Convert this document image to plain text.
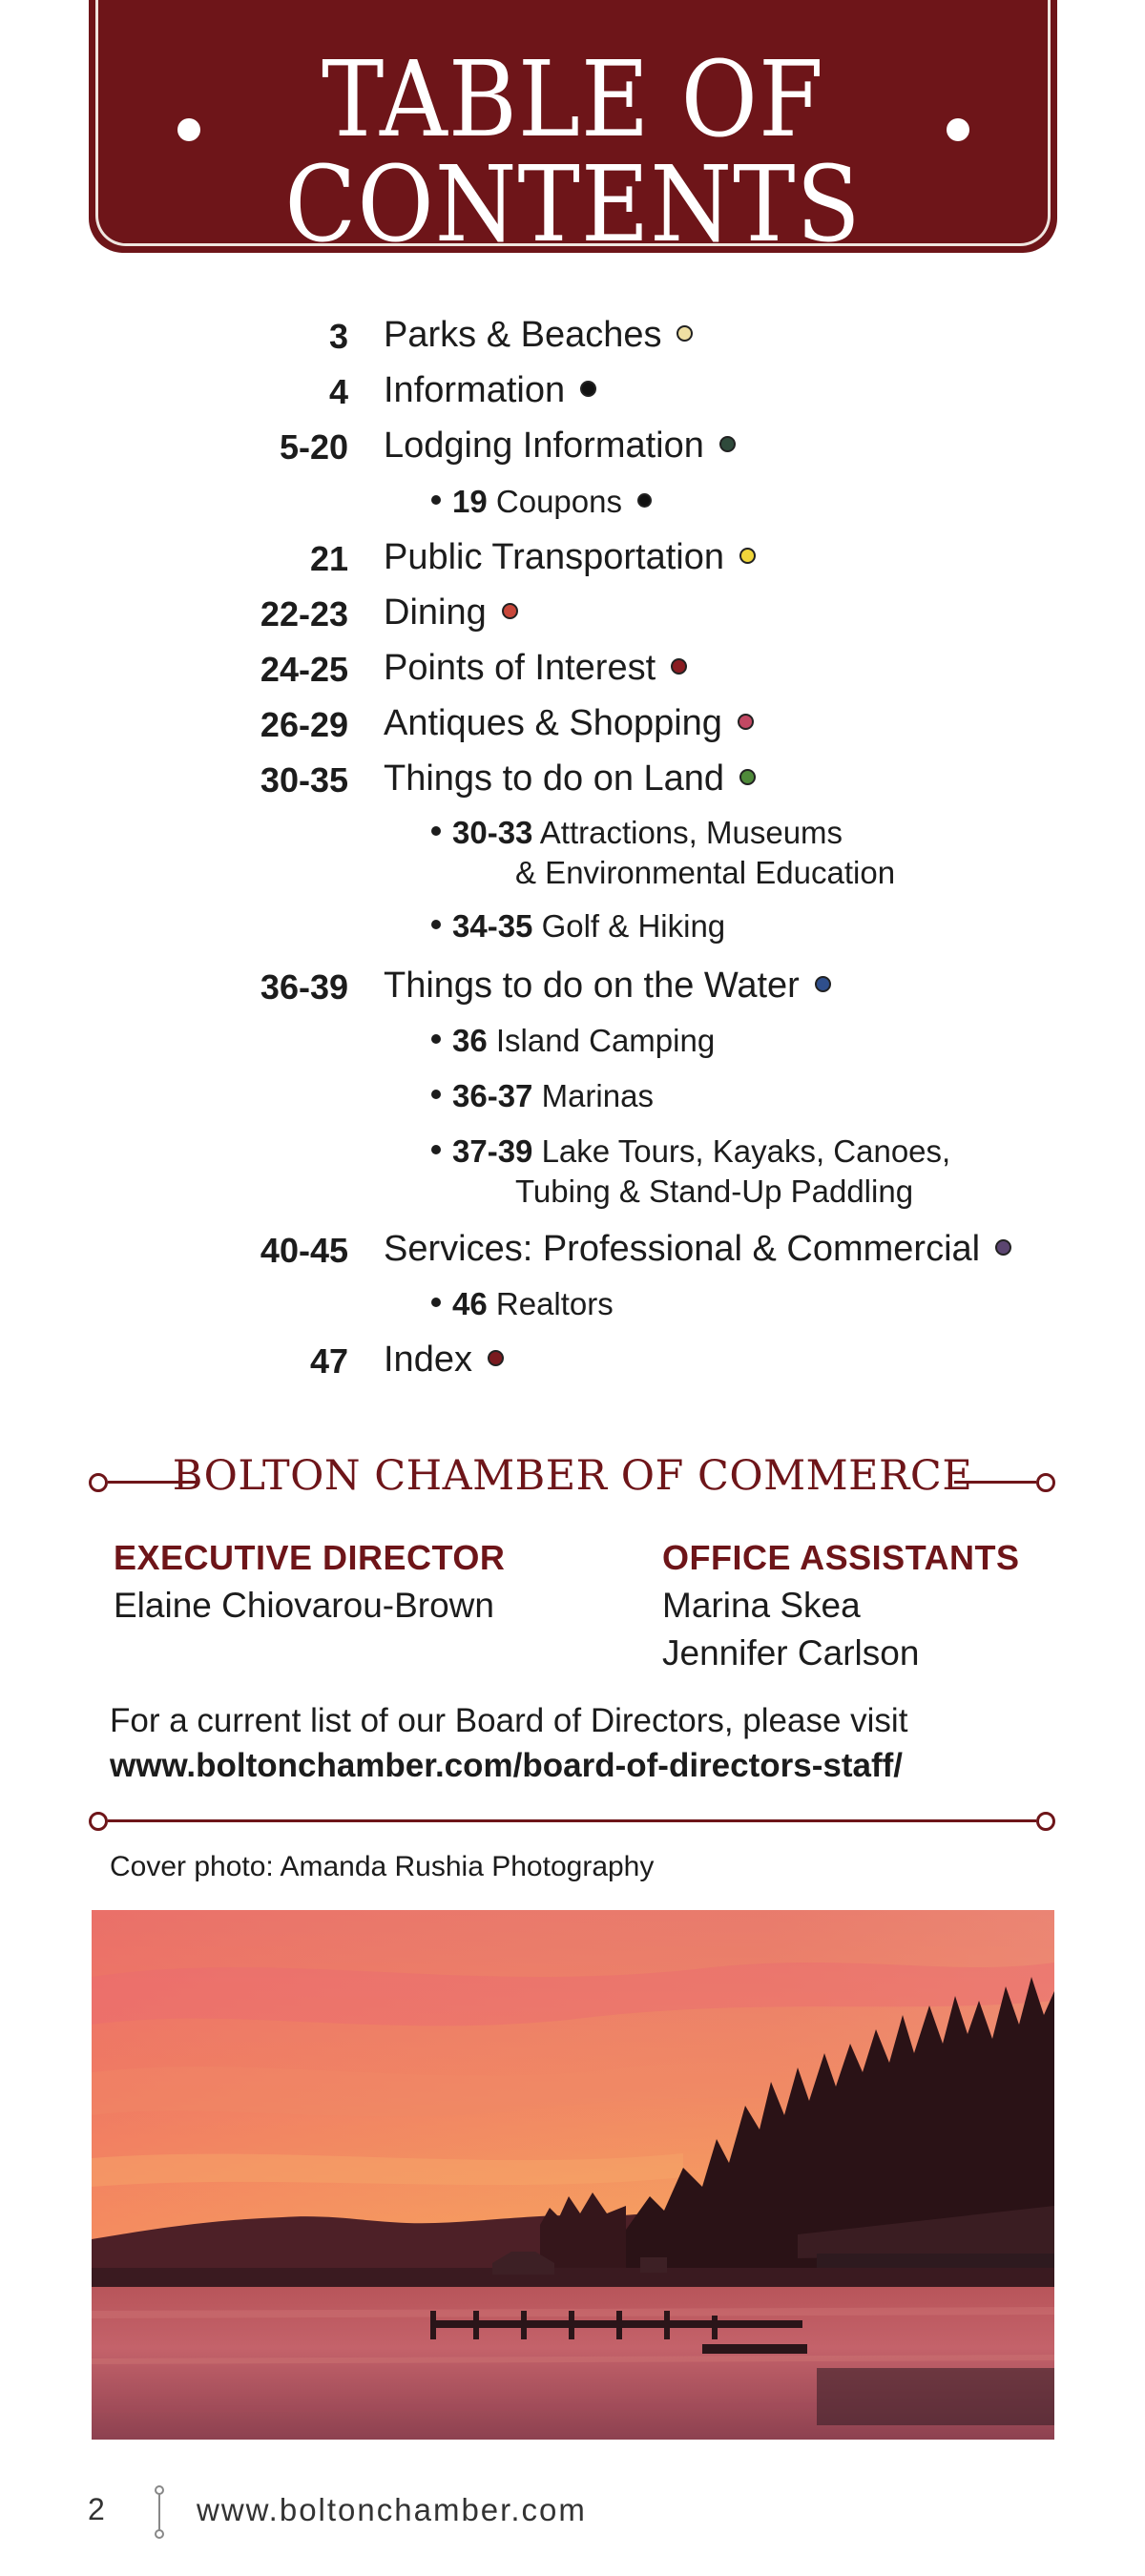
TABLE OF CONTENTS
3 Parks & Beaches
4 Information
5-20 Lodging Information
19 Coupons
21 Public Transportation
22-23 Dining
24-25 Points of Interest
26-29 Antiques & Shopping
30-35 Things to do on Land
30-33 Attractions, Museums
& Environmental Education
34-35 Golf & Hiking
36-39 Things to do on the Water
36 Island Camping
36-37 Marinas
37-39 Lake Tours, Kayaks, Canoes,
Tubing & Stand-Up Paddling
40-45 Services: Professional & Commercial
46 Realtors
47 Index
BOLTON CHAMBER OF COMMERCE
EXECUTIVE DIRECTOR
Elaine Chiovarou-Brown
OFFICE ASSISTANTS
Marina Skea
Jennifer Carlson
For a current list of our Board of Directors, please visit
www.boltonchamber.com/board-of-directors-staff/
Cover photo: Amanda Rushia Photography
2	www.boltonchamber.com
